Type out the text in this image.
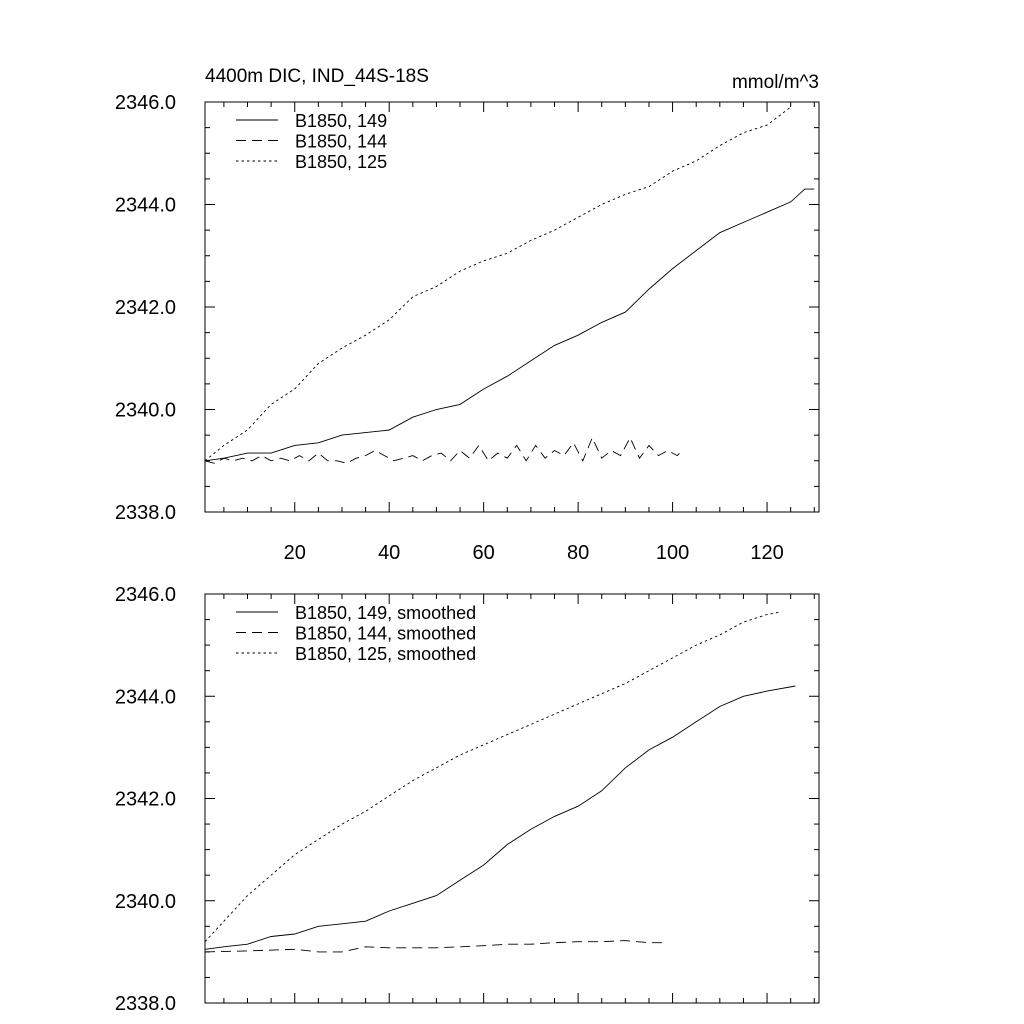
2338.0
2340.0
2342.0
2344.0
2346.0
20	40	60	80	100	120
4400m DIC, IND_44S-18S	mmol/m^3
B1850, 149
B1850, 144
B1850, 125
2338.0
2340.0
2342.0
2344.0
2346.0
B1850, 149, smoothed
B1850, 144, smoothed
B1850, 125, smoothed
